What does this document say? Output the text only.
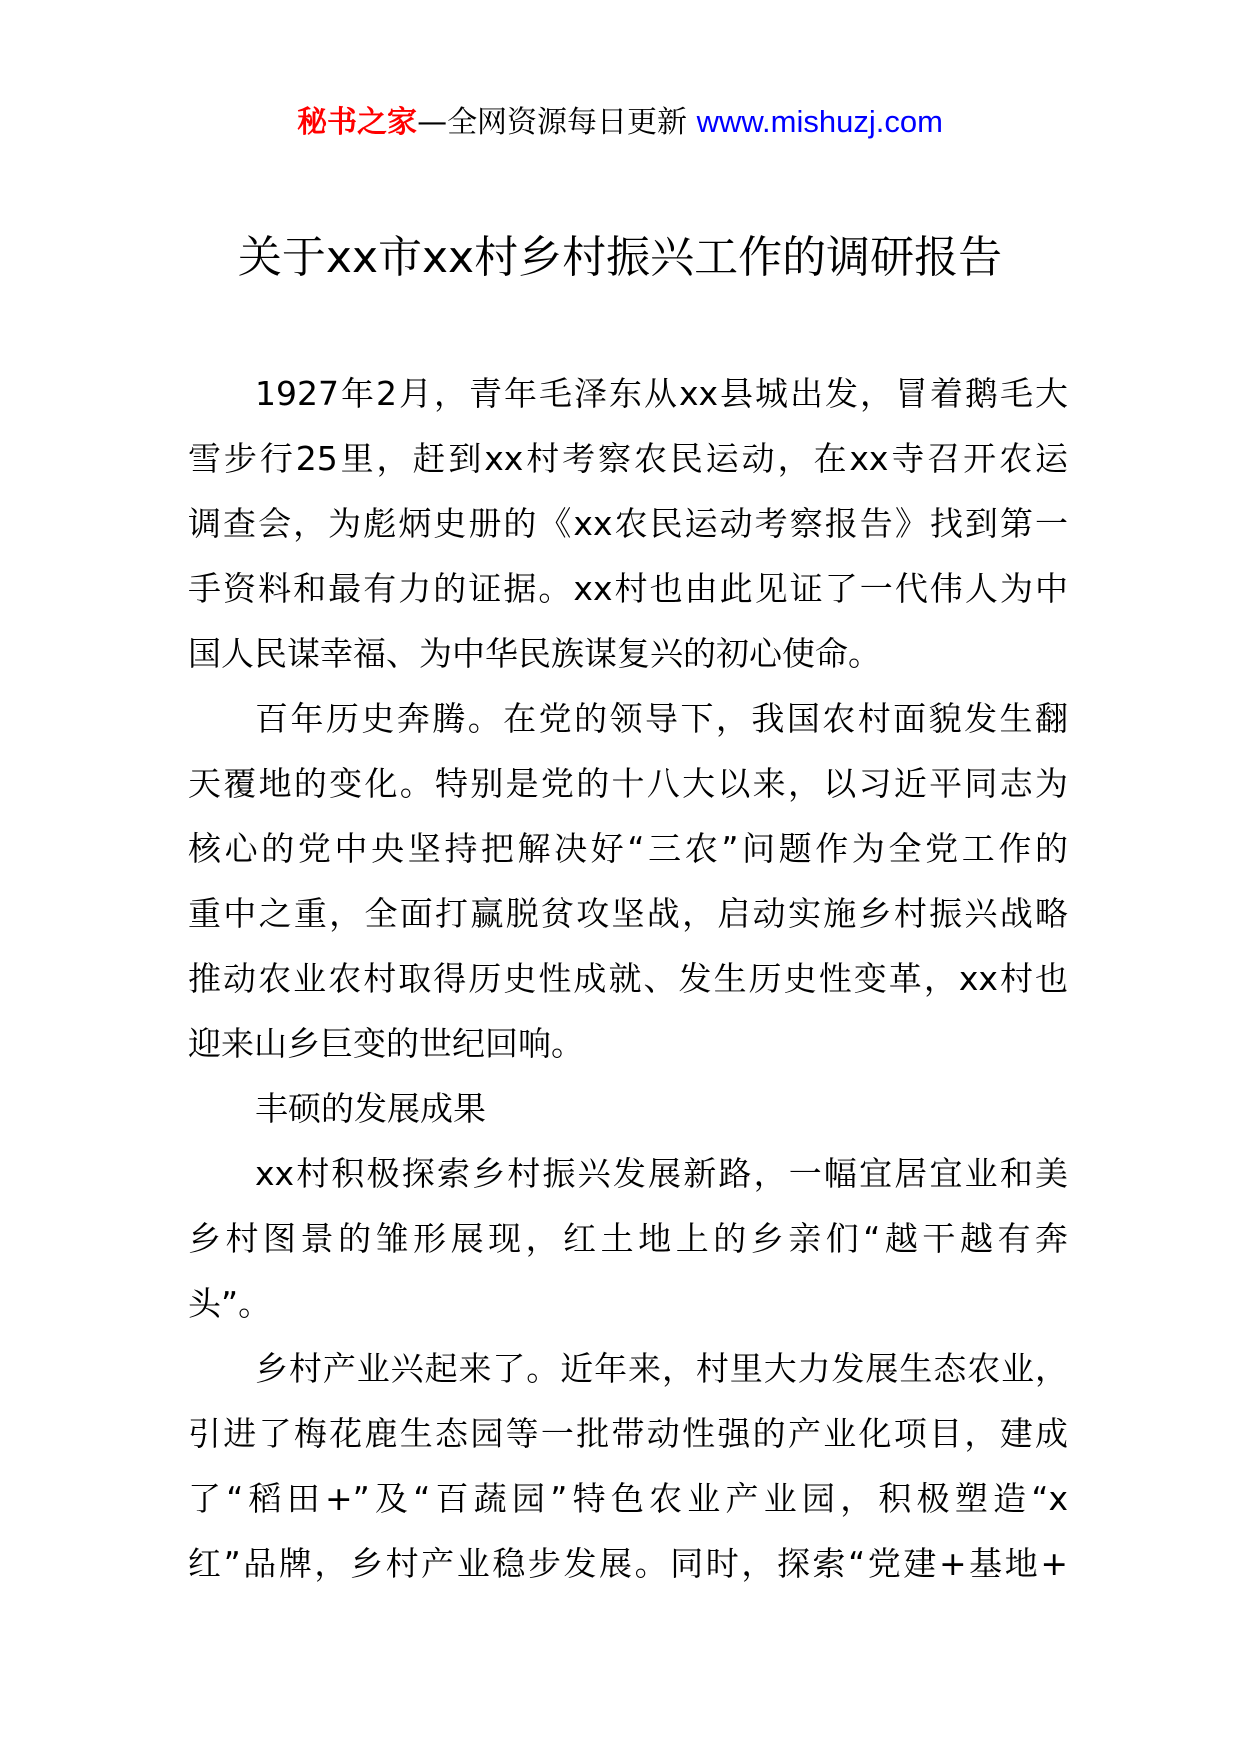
秘书之家—全网资源每日更新 www.mishuzj.com
关于xx市xx村乡村振兴工作的调研报告
1927年2月，青年毛泽东从xx县城出发，冒着鹅毛大
雪步行25里，赶到xx村考察农民运动，在xx寺召开农运
调查会，为彪炳史册的《xx农民运动考察报告》找到第一
手资料和最有力的证据。xx村也由此见证了一代伟人为中
国人民谋幸福、为中华民族谋复兴的初心使命。
百年历史奔腾。在党的领导下，我国农村面貌发生翻
天覆地的变化。特别是党的十八大以来，以习近平同志为
核心的党中央坚持把解决好“三农”问题作为全党工作的
重中之重，全面打赢脱贫攻坚战，启动实施乡村振兴战略
推动农业农村取得历史性成就、发生历史性变革，xx村也
迎来山乡巨变的世纪回响。
丰硕的发展成果
xx村积极探索乡村振兴发展新路，一幅宜居宜业和美
乡村图景的雏形展现，红土地上的乡亲们“越干越有奔
头”。
乡村产业兴起来了。近年来，村里大力发展生态农业，
引进了梅花鹿生态园等一批带动性强的产业化项目，建成
了“稻田+”及“百蔬园”特色农业产业园，积极塑造“x
红”品牌，乡村产业稳步发展。同时，探索“党建+基地+
